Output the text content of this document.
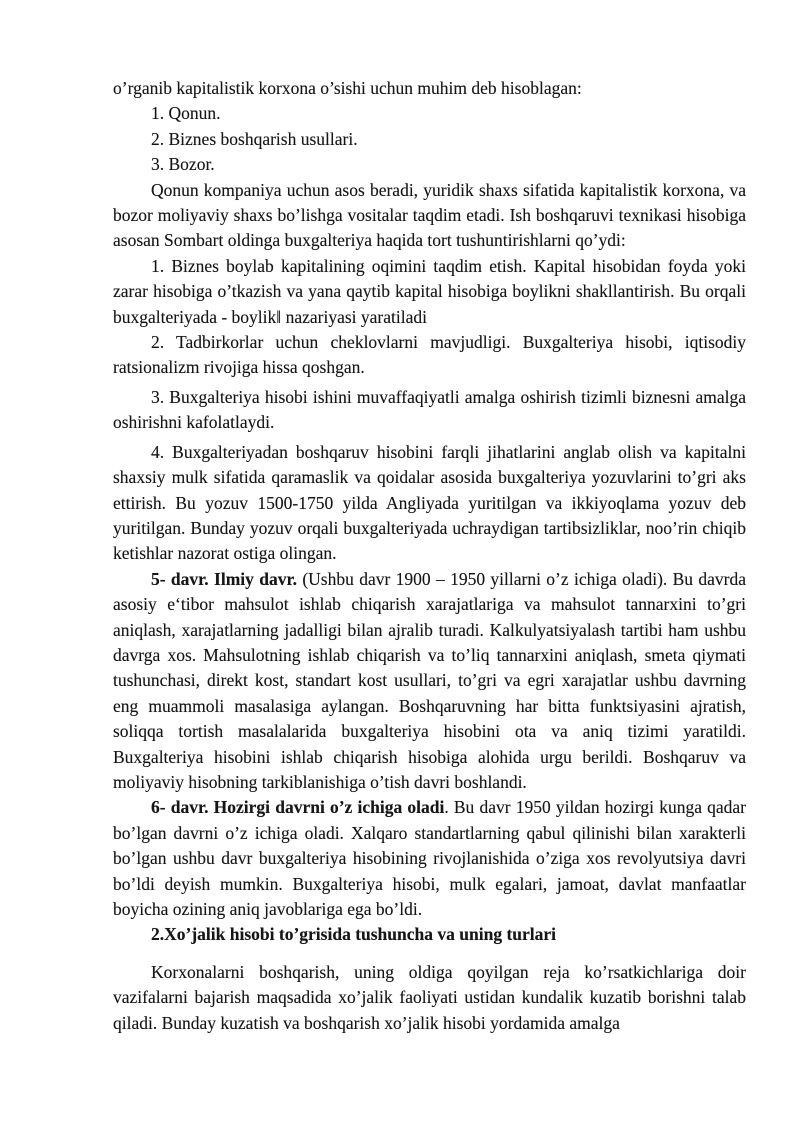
o’rganib kapitalistik korxona o’sishi uchun muhim deb hisoblagan:

1. Qonun.

2. Biznes boshqarish usullari.

3. Bozor.

Qonun kompaniya uchun asos beradi, yuridik shaxs sifatida kapitalistik korxona, va bozor moliyaviy shaxs bo’lishga vositalar taqdim etadi. Ish boshqaruvi texnikasi hisobiga asosan Sombart oldinga buxgalteriya haqida tort tushuntirishlarni qo’ydi:

1. Biznes boylab kapitalining oqimini taqdim etish. Kapital hisobidan foyda yoki zarar hisobiga o’tkazish va yana qaytib kapital hisobiga boylikni shakllantirish. Bu orqali buxgalteriyada - boylik‖ nazariyasi yaratiladi

2. Tadbirkorlar uchun cheklovlarni mavjudligi. Buxgalteriya hisobi, iqtisodiy ratsionalizm rivojiga hissa qoshgan.

3. Buxgalteriya hisobi ishini muvaffaqiyatli amalga oshirish tizimli biznesni amalga oshirishni kafolatlaydi.

4. Buxgalteriyadan boshqaruv hisobini farqli jihatlarini anglab olish va kapitalni shaxsiy mulk sifatida qaramaslik va qoidalar asosida buxgalteriya yozuvlarini to’gri aks ettirish. Bu yozuv 1500-1750 yilda Angliyada yuritilgan va ikkiyoqlama yozuv deb yuritilgan. Bunday yozuv orqali buxgalteriyada uchraydigan tartibsizliklar, noo’rin chiqib ketishlar nazorat ostiga olingan.

5- davr. Ilmiy davr. (Ushbu davr 1900 – 1950 yillarni o’z ichiga oladi). Bu davrda asosiy e‘tibor mahsulot ishlab chiqarish xarajatlariga va mahsulot tannarxini to’gri aniqlash, xarajatlarning jadalligi bilan ajralib turadi. Kalkulyatsiyalash tartibi ham ushbu davrga xos. Mahsulotning ishlab chiqarish va to’liq tannarxini aniqlash, smeta qiymati tushunchasi, direkt kost, standart kost usullari, to’gri va egri xarajatlar ushbu davrning eng muammoli masalasiga aylangan. Boshqaruvning har bitta funktsiyasini ajratish, soliqqa tortish masalalarida buxgalteriya hisobini ota va aniq tizimi yaratildi. Buxgalteriya hisobini ishlab chiqarish hisobiga alohida urgu berildi. Boshqaruv va moliyaviy hisobning tarkiblanishiga o’tish davri boshlandi.

6- davr. Hozirgi davrni o’z ichiga oladi. Bu davr 1950 yildan hozirgi kunga qadar bo’lgan davrni o’z ichiga oladi. Xalqaro standartlarning qabul qilinishi bilan xarakterli bo’lgan ushbu davr buxgalteriya hisobining rivojlanishida o’ziga xos revolyutsiya davri bo’ldi deyish mumkin. Buxgalteriya hisobi, mulk egalari, jamoat, davlat manfaatlar boyicha ozining aniq javoblariga ega bo’ldi.

2.Xo’jalik hisobi to’grisida tushuncha va uning turlari

Korxonalarni boshqarish, uning oldiga qoyilgan reja ko’rsatkichlariga doir vazifalarni bajarish maqsadida xo’jalik faoliyati ustidan kundalik kuzatib borishni talab qiladi. Bunday kuzatish va boshqarish xo’jalik hisobi yordamida amalga
